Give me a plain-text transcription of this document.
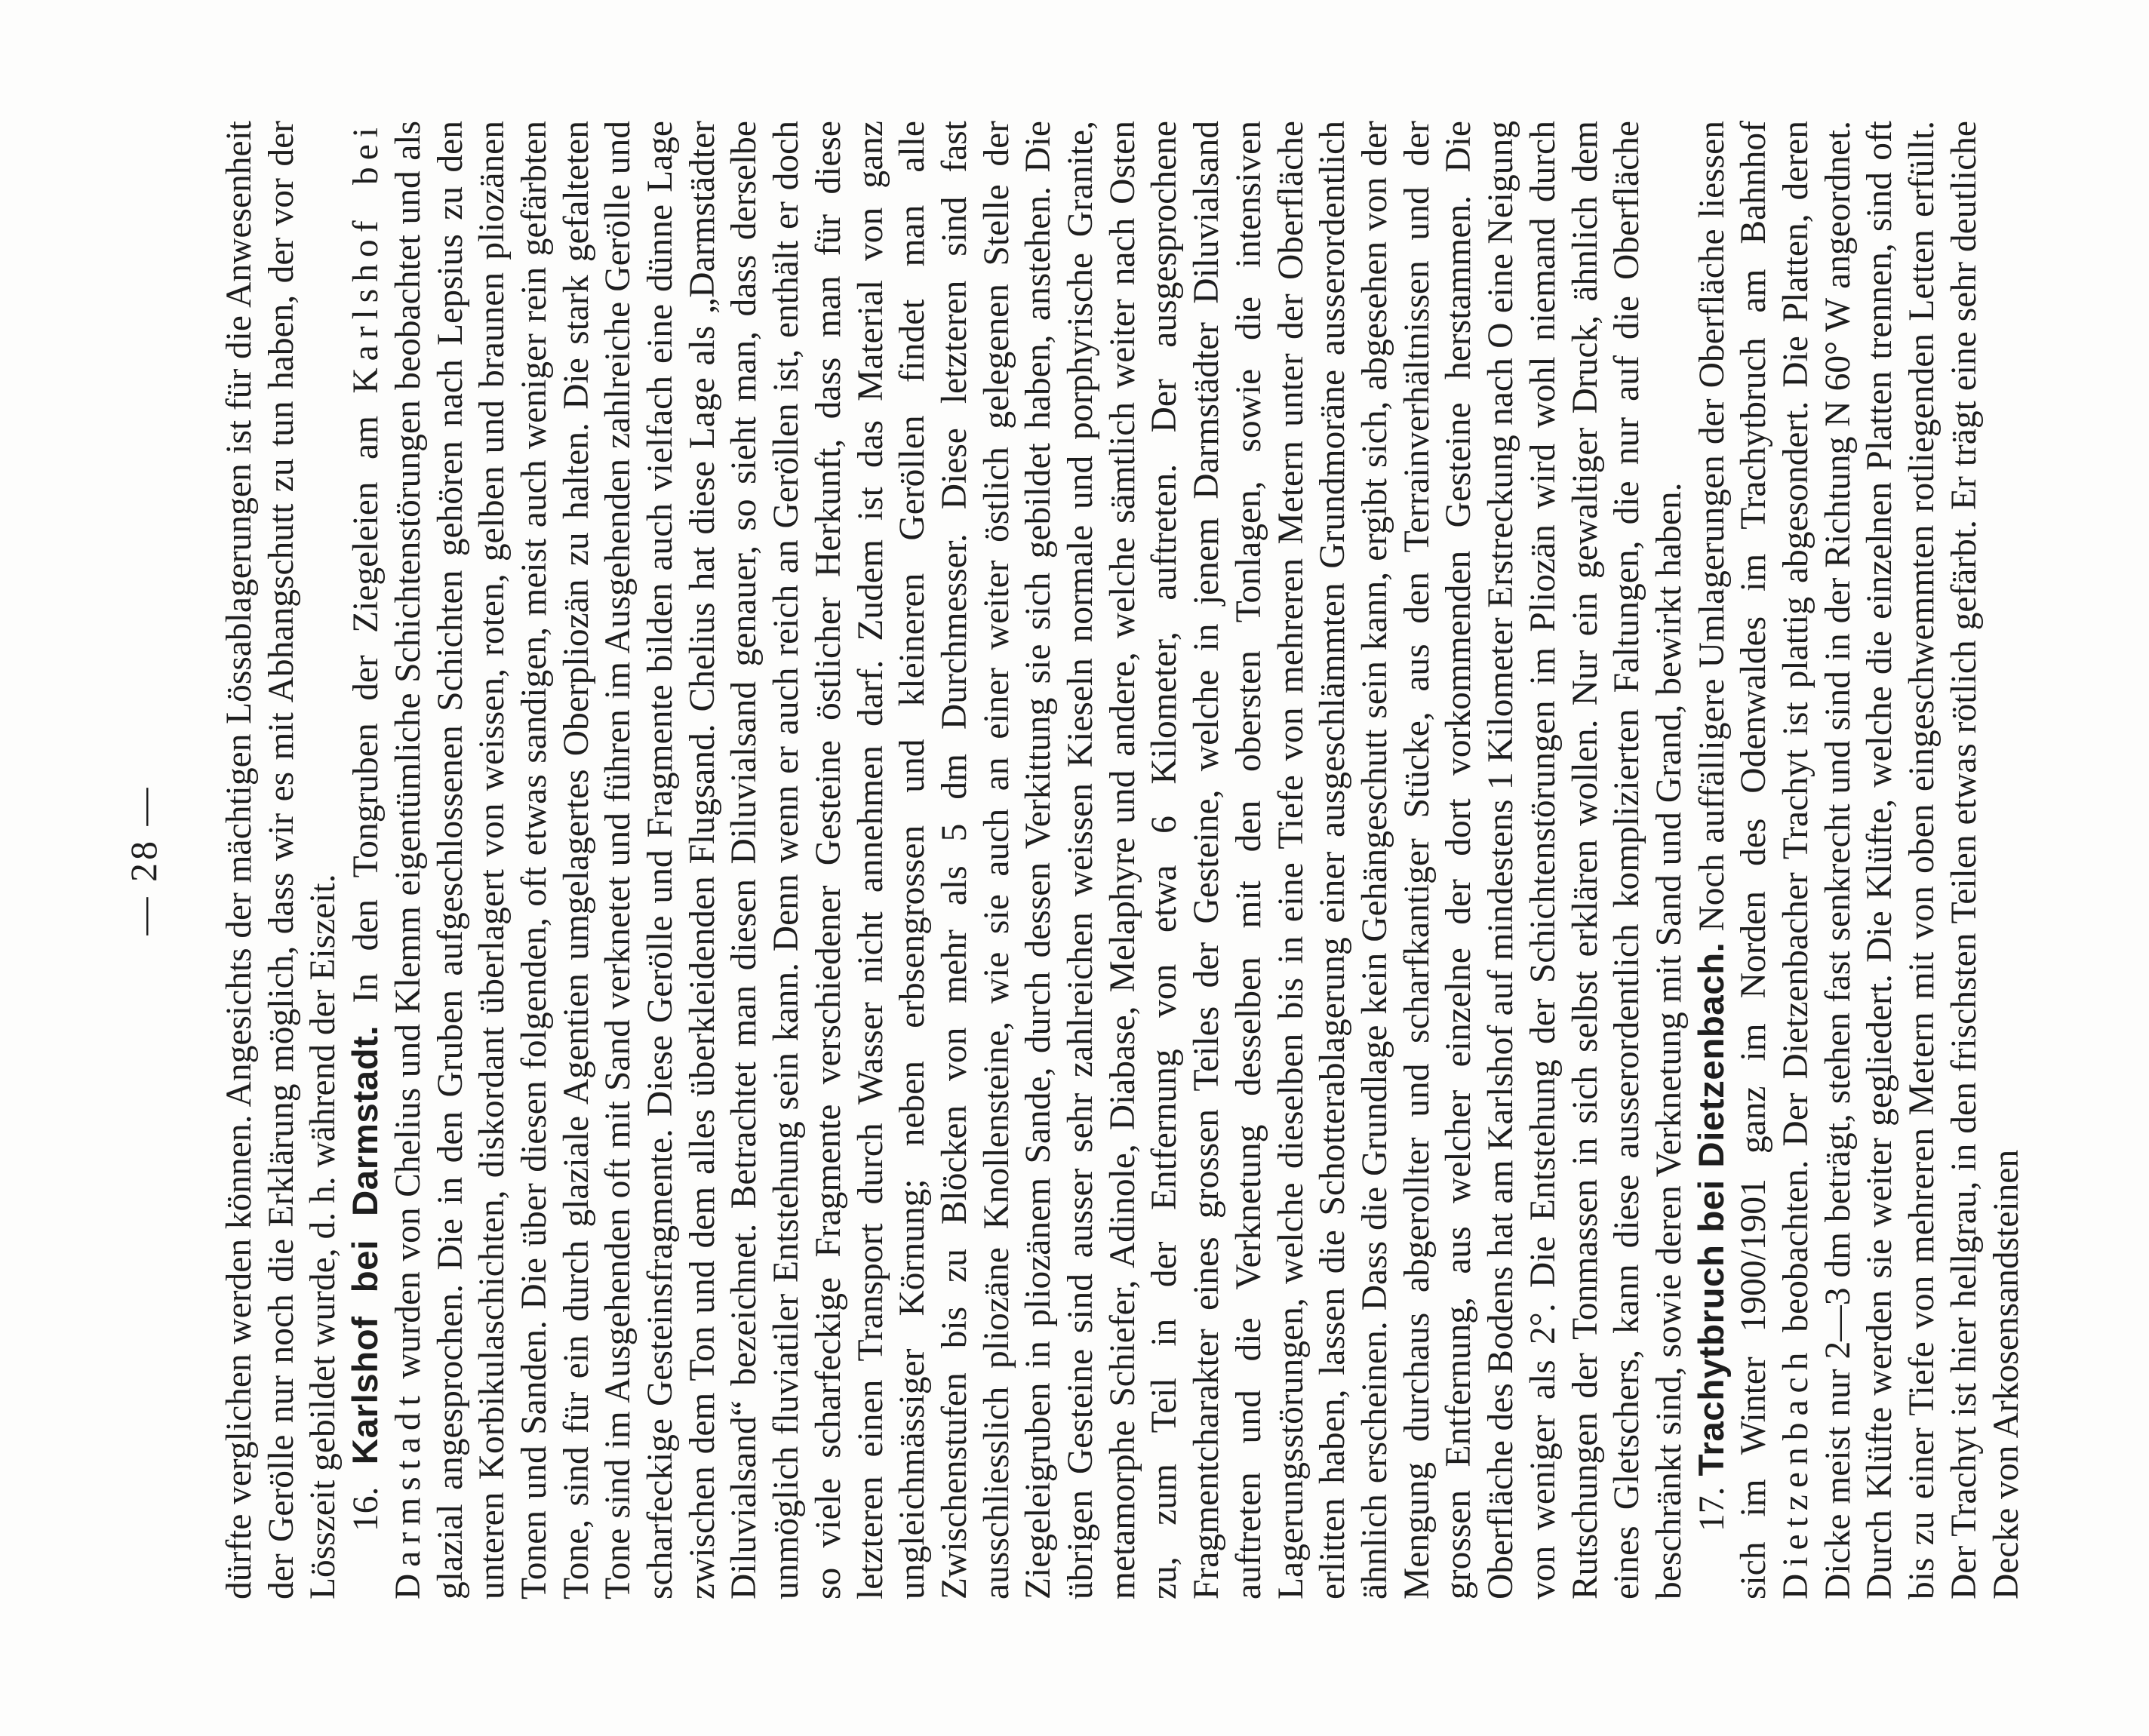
— 28 — dürfte verglichen werden können. Angesichts der mächtigen Lössablagerungen ist für die Anwesenheit der Gerölle nur noch die Erklärung möglich, dass wir es mit Abhangschutt zu tun haben, der vor der Lösszeit gebildet wurde, d. h. während der Eiszeit. 16. Karlshof bei Darmstadt. In den Tongruben der Ziegeleien am Karlshof bei Darmstadt wurden von Chelius und Klemm eigentümliche Schichtenstörungen beobachtet und als glazial angesprochen. Die in den Gruben aufgeschlossenen Schichten gehören nach Lepsius zu den unteren Korbikulaschichten, diskordant überlagert von weissen, roten, gelben und braunen pliozänen Tonen und Sanden. Die über diesen folgenden, oft etwas sandigen, meist auch weniger rein gefärbten Tone, sind für ein durch glaziale Agentien umgelagertes Oberpliozän zu halten. Die stark gefalteten Tone sind im Ausgehenden oft mit Sand verknetet und führen im Ausgehenden zahlreiche Gerölle und scharfeckige Gesteinsfragmente. Diese Gerölle und Fragmente bilden auch vielfach eine dünne Lage zwischen dem Ton und dem alles überkleidenden Flugsand. Chelius hat diese Lage als „Darmstädter Diluvialsand“ bezeichnet. Betrachtet man diesen Diluvialsand genauer, so sieht man, dass derselbe unmöglich fluviatiler Entstehung sein kann. Denn wenn er auch reich an Geröllen ist, enthält er doch so viele scharfeckige Fragmente verschiedener Gesteine östlicher Herkunft, dass man für diese letzteren einen Transport durch Wasser nicht annehmen darf. Zudem ist das Material von ganz ungleichmässiger Körnung; neben erbsengrossen und kleineren Geröllen findet man alle Zwischenstufen bis zu Blöcken von mehr als 5 dm Durchmesser. Diese letzteren sind fast ausschliesslich pliozäne Knollensteine, wie sie auch an einer weiter östlich gelegenen Stelle der Ziegeleigruben in pliozänem Sande, durch dessen Verkittung sie sich gebildet haben, anstehen. Die übrigen Gesteine sind ausser sehr zahlreichen weissen Kieseln normale und porphyrische Granite, metamorphe Schiefer, Adinole, Diabase, Melaphyre und andere, welche sämtlich weiter nach Osten zu, zum Teil in der Entfernung von etwa 6 Kilometer, auftreten. Der ausgesprochene Fragmentcharakter eines grossen Teiles der Gesteine, welche in jenem Darmstädter Diluvialsand auftreten und die Verknetung desselben mit den obersten Tonlagen, sowie die intensiven Lagerungsstörungen, welche dieselben bis in eine Tiefe von mehreren Metern unter der Oberfläche erlitten haben, lassen die Schotterablagerung einer ausgeschlämmten Grundmoräne ausserordentlich ähnlich erscheinen. Dass die Grundlage kein Gehängeschutt sein kann, ergibt sich, abgesehen von der Mengung durchaus abgerollter und scharfkantiger Stücke, aus den Terrainverhältnissen und der grossen Entfernung, aus welcher einzelne der dort vorkommenden Gesteine herstammen. Die Oberfläche des Bodens hat am Karlshof auf mindestens 1 Kilometer Erstreckung nach O eine Neigung von weniger als 2°. Die Entstehung der Schichtenstörungen im Pliozän wird wohl niemand durch Rutschungen der Tonmassen in sich selbst erklären wollen. Nur ein gewaltiger Druck, ähnlich dem eines Gletschers, kann diese ausserordentlich komplizierten Faltungen, die nur auf die Oberfläche beschränkt sind, sowie deren Verknetung mit Sand und Grand, bewirkt haben. 17. Trachytbruch bei Dietzenbach. Noch auffälligere Umlagerungen der Oberfläche liessen sich im Winter 1900/1901 ganz im Norden des Odenwaldes im Trachytbruch am Bahnhof Dietzenbach beobachten. Der Dietzenbacher Trachyt ist plattig abgesondert. Die Platten, deren Dicke meist nur 2—3 dm beträgt, stehen fast senkrecht und sind in der Richtung N 60° W angeordnet. Durch Klüfte werden sie weiter gegliedert. Die Klüfte, welche die einzelnen Platten trennen, sind oft bis zu einer Tiefe von mehreren Metern mit von oben eingeschwemmten rotliegenden Letten erfüllt. Der Trachyt ist hier hellgrau, in den frischsten Teilen etwas rötlich gefärbt. Er trägt eine sehr deutliche Decke von Arkosensandsteinen
